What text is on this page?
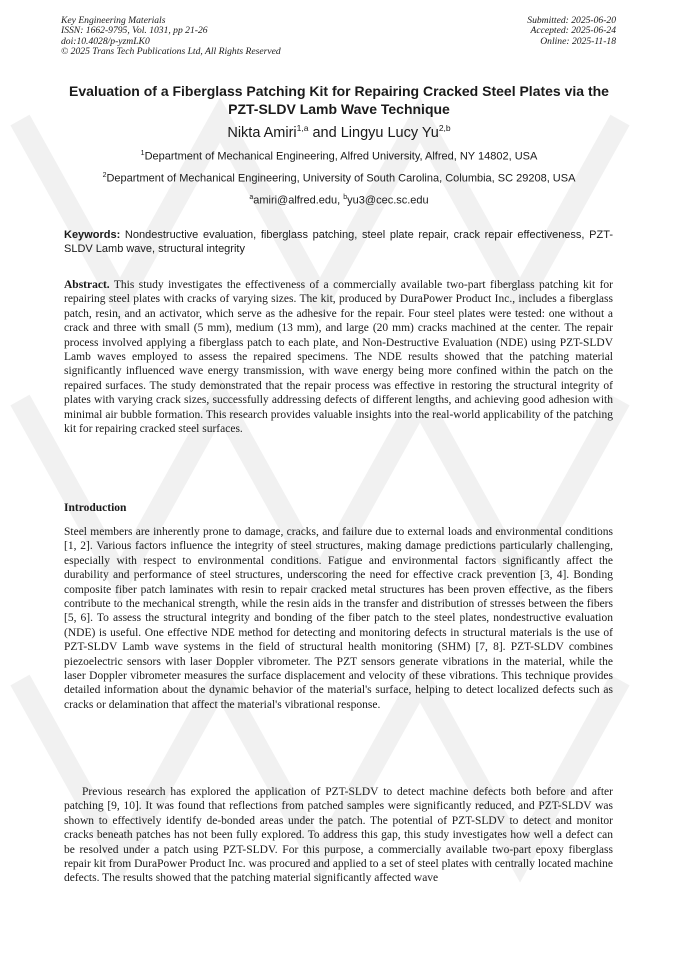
Key Engineering Materials
ISSN: 1662-9795, Vol. 1031, pp 21-26
doi:10.4028/p-yzmLK0
© 2025 Trans Tech Publications Ltd, All Rights Reserved
Submitted: 2025-06-20
Accepted: 2025-06-24
Online: 2025-11-18
Evaluation of a Fiberglass Patching Kit for Repairing Cracked Steel Plates via the PZT-SLDV Lamb Wave Technique
Nikta Amiri$^{1,a}$ and Lingyu Lucy Yu$^{2,b}$
$^1$Department of Mechanical Engineering, Alfred University, Alfred, NY 14802, USA
$^2$Department of Mechanical Engineering, University of South Carolina, Columbia, SC 29208, USA
$^a$amiri@alfred.edu, $^b$yu3@cec.sc.edu
Keywords: Nondestructive evaluation, fiberglass patching, steel plate repair, crack repair effectiveness, PZT-SLDV Lamb wave, structural integrity
Abstract. This study investigates the effectiveness of a commercially available two-part fiberglass patching kit for repairing steel plates with cracks of varying sizes. The kit, produced by DuraPower Product Inc., includes a fiberglass patch, resin, and an activator, which serve as the adhesive for the repair. Four steel plates were tested: one without a crack and three with small (5 mm), medium (13 mm), and large (20 mm) cracks machined at the center. The repair process involved applying a fiberglass patch to each plate, and Non-Destructive Evaluation (NDE) using PZT-SLDV Lamb waves employed to assess the repaired specimens. The NDE results showed that the patching material significantly influenced wave energy transmission, with wave energy being more confined within the patch on the repaired surfaces. The study demonstrated that the repair process was effective in restoring the structural integrity of plates with varying crack sizes, successfully addressing defects of different lengths, and achieving good adhesion with minimal air bubble formation. This research provides valuable insights into the real-world applicability of the patching kit for repairing cracked steel surfaces.
Introduction
Steel members are inherently prone to damage, cracks, and failure due to external loads and environmental conditions [1, 2]. Various factors influence the integrity of steel structures, making damage predictions particularly challenging, especially with respect to environmental conditions. Fatigue and environmental factors significantly affect the durability and performance of steel structures, underscoring the need for effective crack prevention [3, 4]. Bonding composite fiber patch laminates with resin to repair cracked metal structures has been proven effective, as the fibers contribute to the mechanical strength, while the resin aids in the transfer and distribution of stresses between the fibers [5, 6]. To assess the structural integrity and bonding of the fiber patch to the steel plates, nondestructive evaluation (NDE) is useful. One effective NDE method for detecting and monitoring defects in structural materials is the use of PZT-SLDV Lamb wave systems in the field of structural health monitoring (SHM) [7, 8]. PZT-SLDV combines piezoelectric sensors with laser Doppler vibrometer. The PZT sensors generate vibrations in the material, while the laser Doppler vibrometer measures the surface displacement and velocity of these vibrations. This technique provides detailed information about the dynamic behavior of the material's surface, helping to detect localized defects such as cracks or delamination that affect the material's vibrational response.
Previous research has explored the application of PZT-SLDV to detect machine defects both before and after patching [9, 10]. It was found that reflections from patched samples were significantly reduced, and PZT-SLDV was shown to effectively identify de-bonded areas under the patch. The potential of PZT-SLDV to detect and monitor cracks beneath patches has not been fully explored. To address this gap, this study investigates how well a defect can be resolved under a patch using PZT-SLDV. For this purpose, a commercially available two-part epoxy fiberglass repair kit from DuraPower Product Inc. was procured and applied to a set of steel plates with centrally located machine defects. The results showed that the patching material significantly affected wave
